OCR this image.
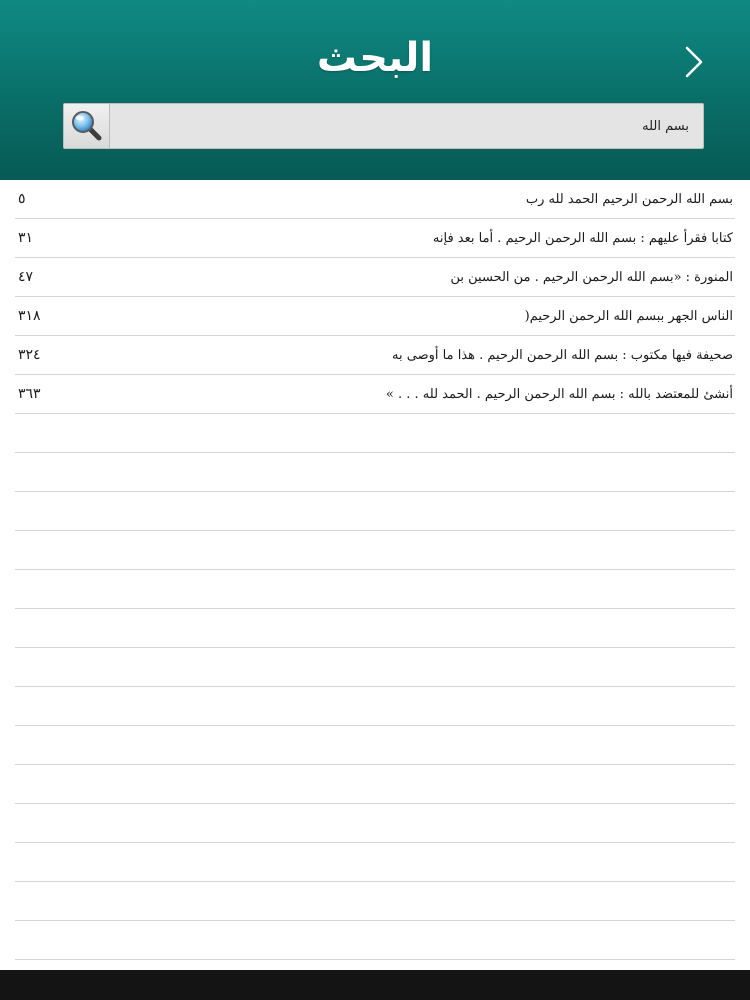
البحث
بسم الله
بسم الله الرحمن الرحيم الحمد لله رب
٥
كتابا فقرأ عليهم : بسم الله الرحمن الرحيم . أما بعد فإنه
٣١
المنورة : «بسم الله الرحمن الرحيم . من الحسين بن
٤٧
الناس الجهر ببسم الله الرحمن الرحيم(
٣١٨
صحيفة فيها مكتوب : بسم الله الرحمن الرحيم . هذا ما أوصى به
٣٢٤
أنشئ للمعتضد بالله : بسم الله الرحمن الرحيم . الحمد لله . . . »
٣٦٣
